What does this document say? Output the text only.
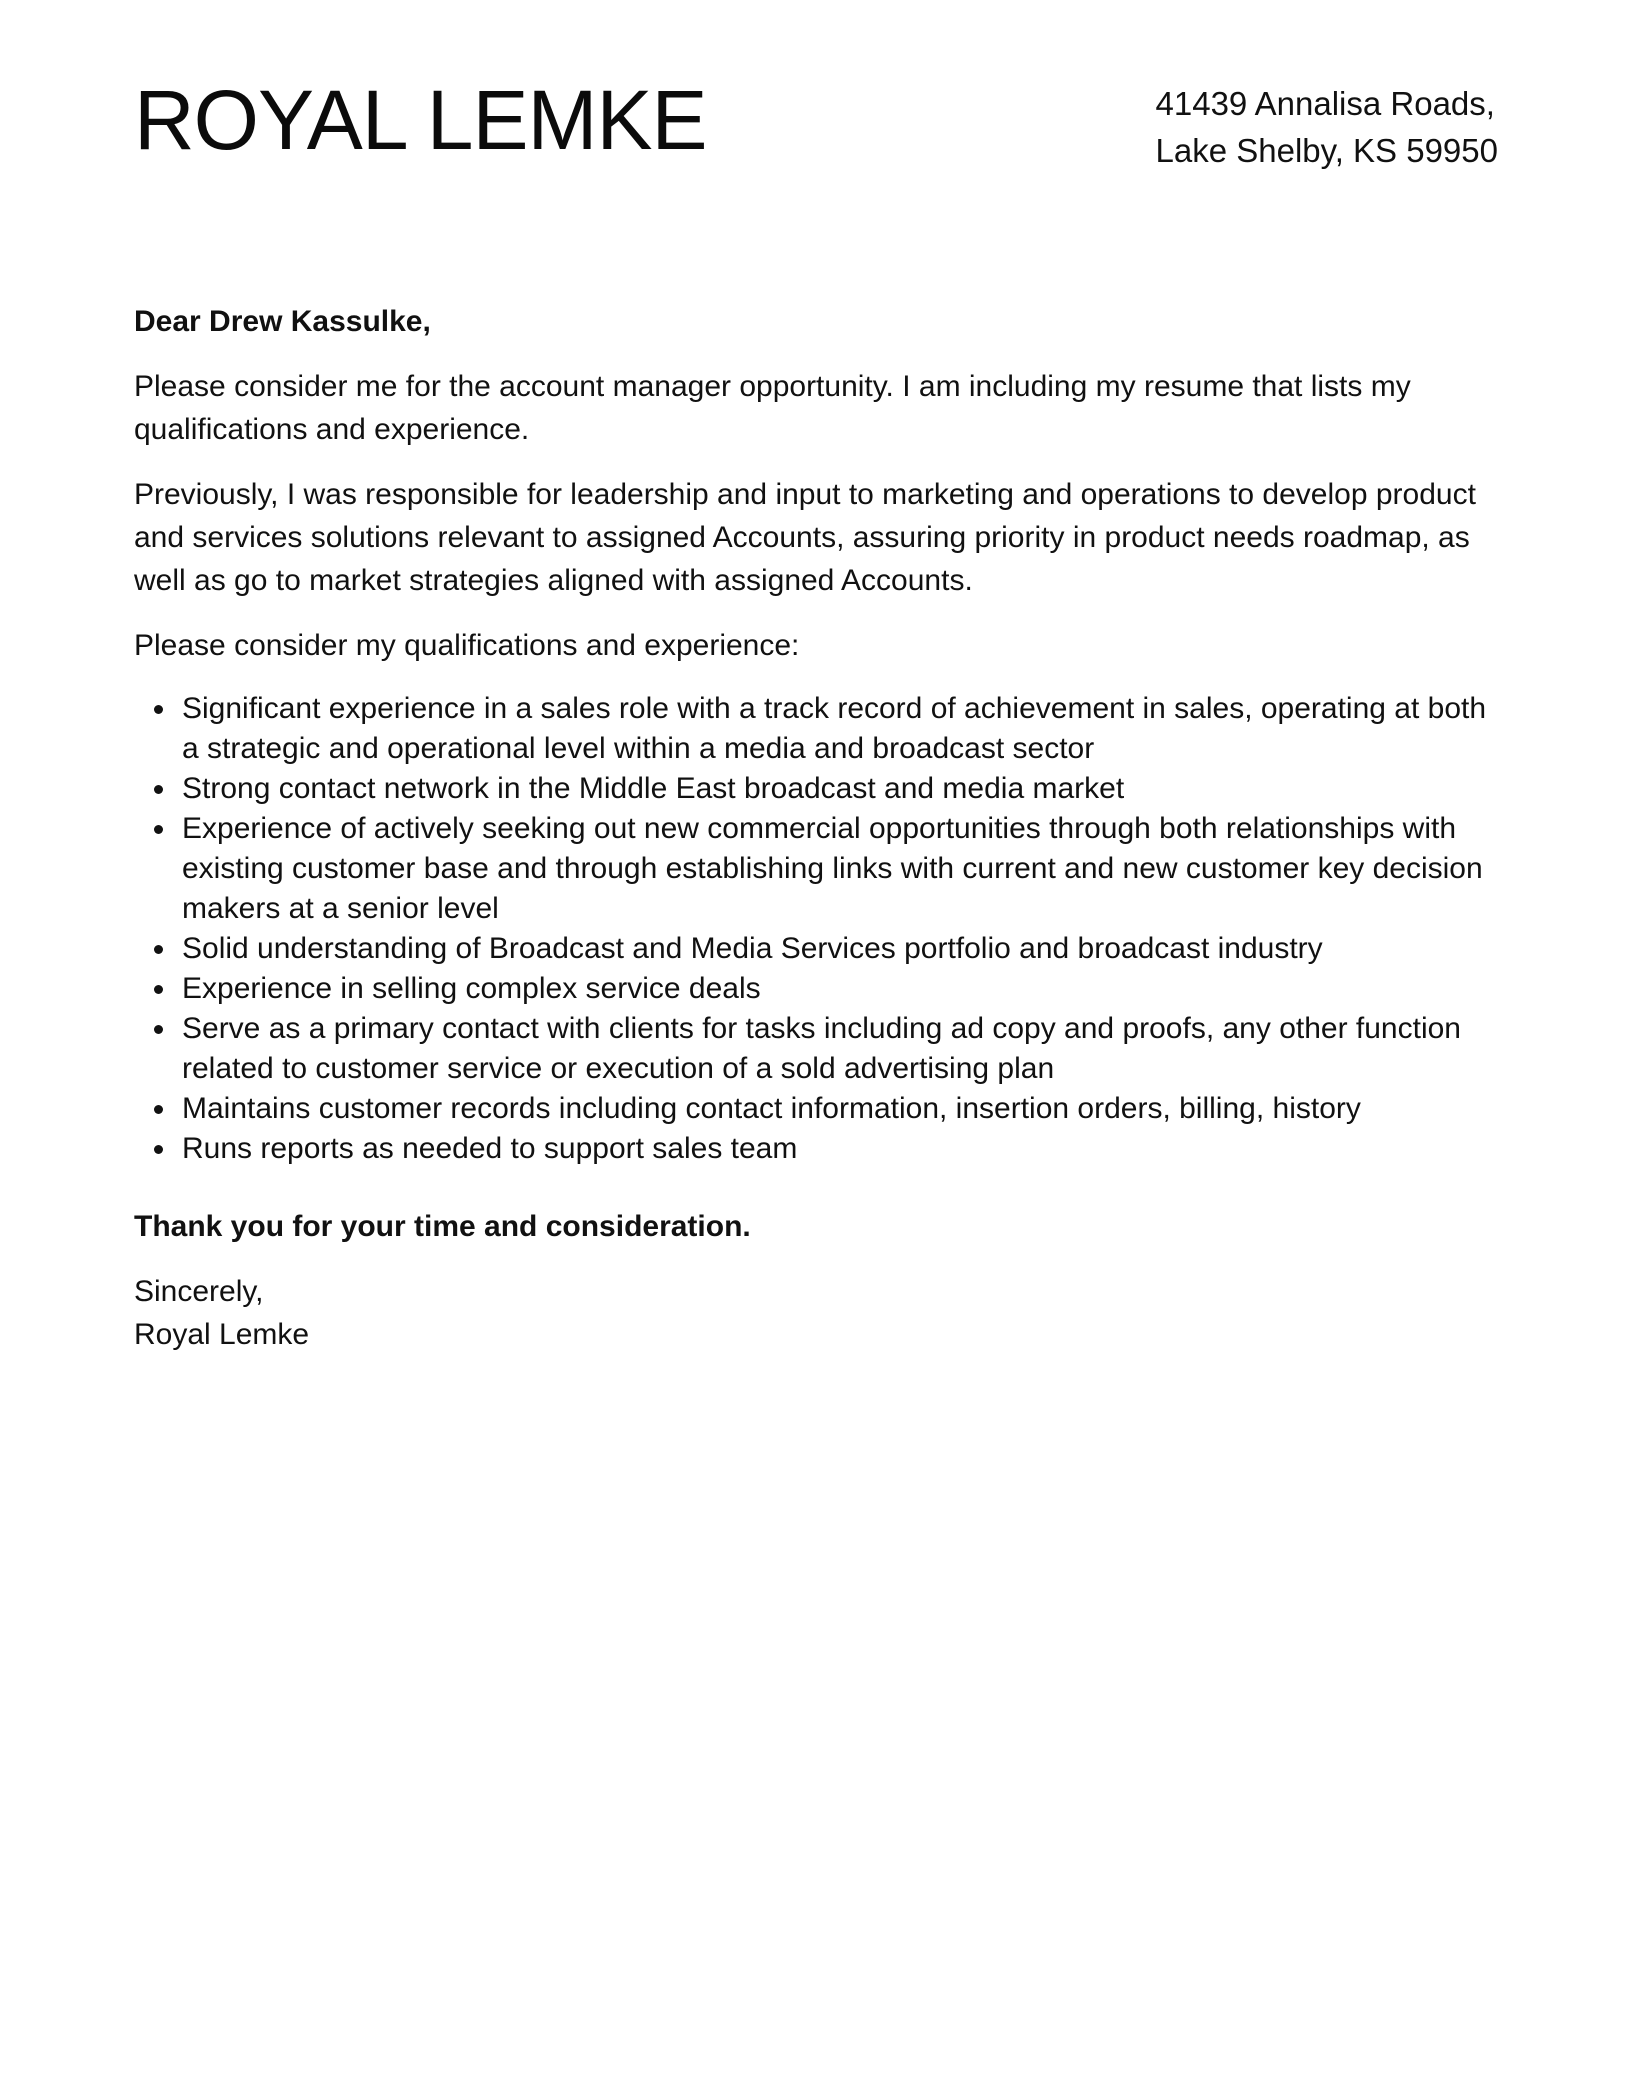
ROYAL LEMKE	41439 Annalisa Roads,
Lake Shelby, KS 59950

Dear Drew Kassulke,

Please consider me for the account manager opportunity. I am including my resume that lists my qualifications and experience.

Previously, I was responsible for leadership and input to marketing and operations to develop product and services solutions relevant to assigned Accounts, assuring priority in product needs roadmap, as well as go to market strategies aligned with assigned Accounts.

Please consider my qualifications and experience:

Significant experience in a sales role with a track record of achievement in sales, operating at both a strategic and operational level within a media and broadcast sector
Strong contact network in the Middle East broadcast and media market
Experience of actively seeking out new commercial opportunities through both relationships with existing customer base and through establishing links with current and new customer key decision makers at a senior level
Solid understanding of Broadcast and Media Services portfolio and broadcast industry
Experience in selling complex service deals
Serve as a primary contact with clients for tasks including ad copy and proofs, any other function related to customer service or execution of a sold advertising plan
Maintains customer records including contact information, insertion orders, billing, history
Runs reports as needed to support sales team

Thank you for your time and consideration.

Sincerely,

Royal Lemke
